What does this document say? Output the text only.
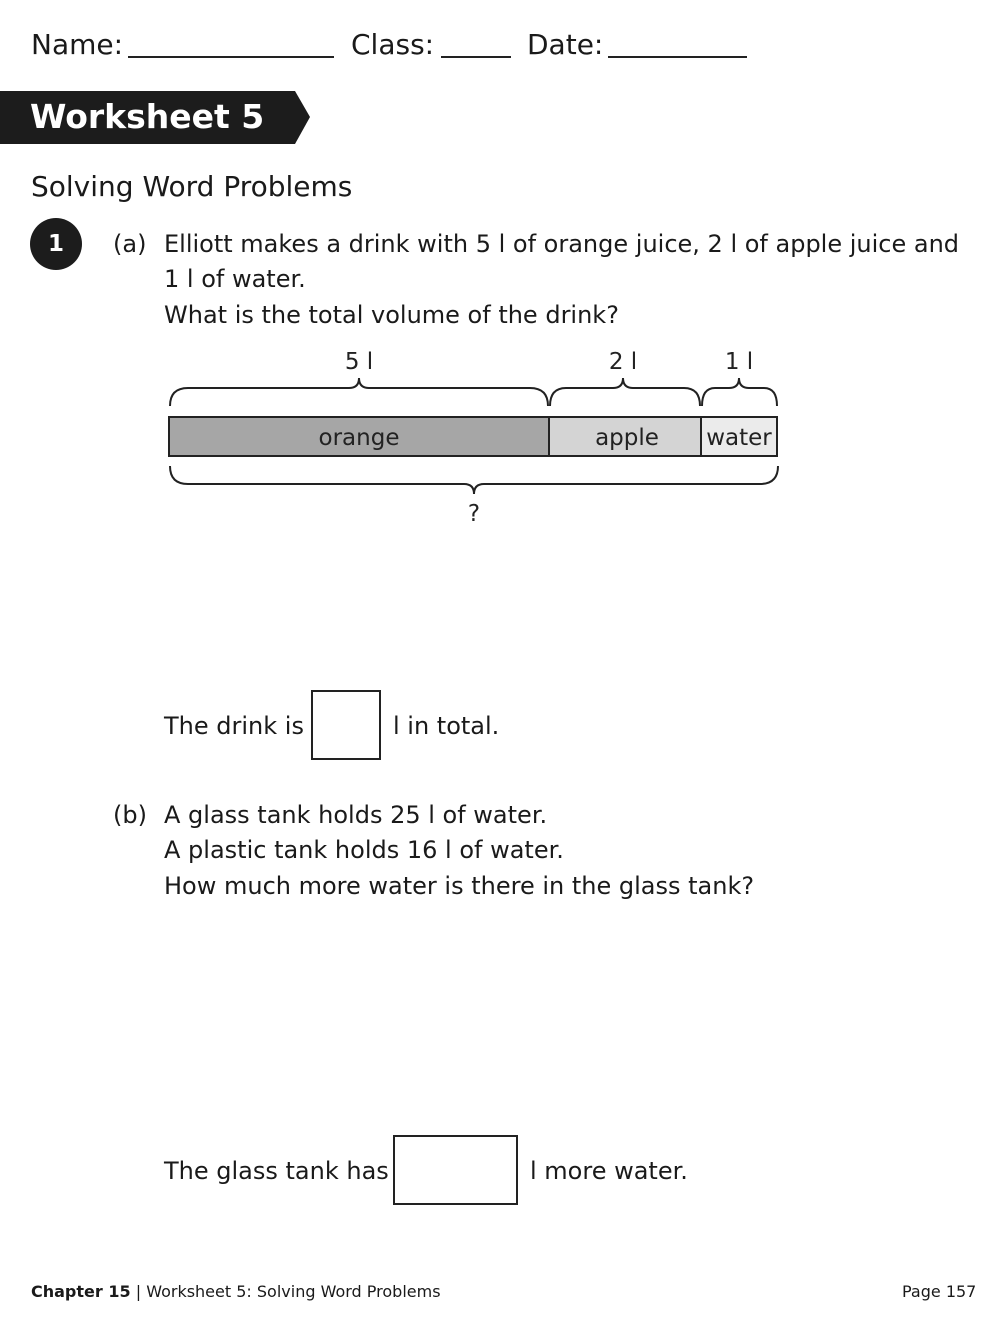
Name:	Class:	Date:
Worksheet 5
Solving Word Problems
1 (a) Elliott makes a drink with 5 l of orange juice, 2 l of apple juice and
1 l of water.
What is the total volume of the drink?
5 l	2 l	1 l
orange	apple water
?
The drink is	l in total.
(b) A glass tank holds 25 l of water.
A plastic tank holds 16 l of water.
How much more water is there in the glass tank?
The glass tank has	l more water.
Chapter 15 | Worksheet 5: Solving Word Problems	Page 157
